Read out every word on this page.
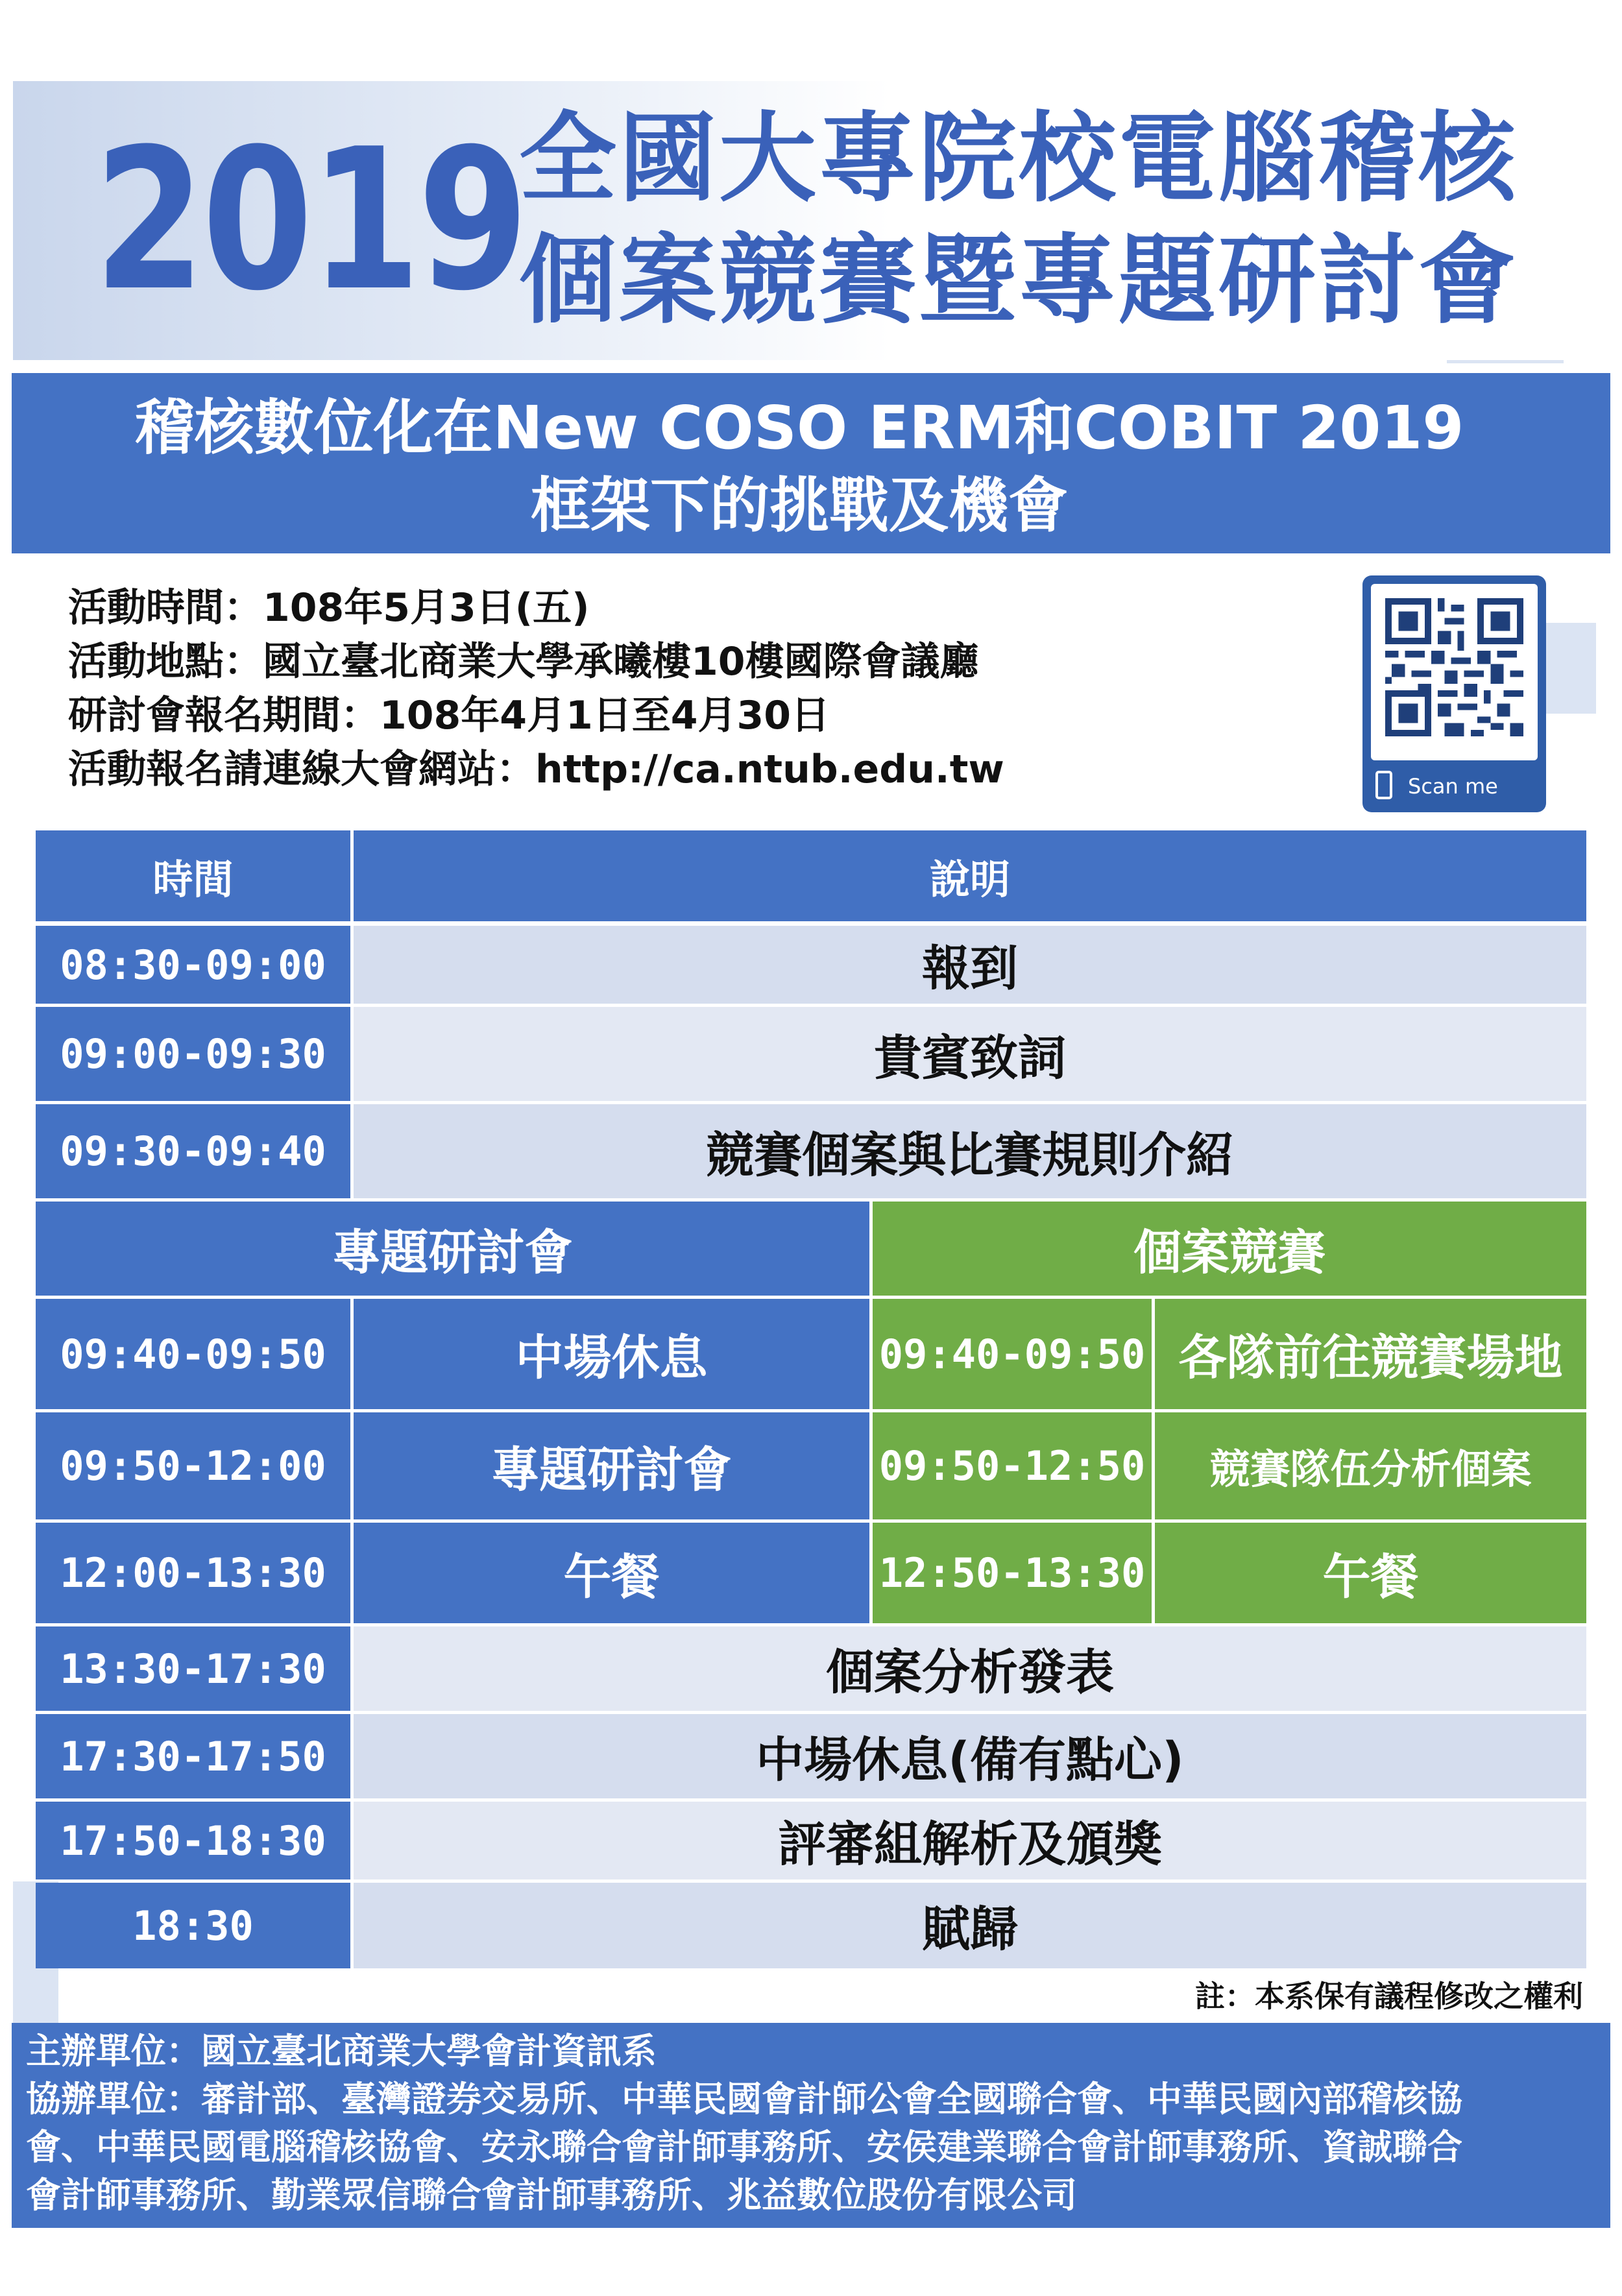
2019
全國大專院校電腦稽核
個案競賽暨專題研討會
稽核數位化在New COSO ERM和COBIT 2019
框架下的挑戰及機會
活動時間：108年5月3日(五)
活動地點：國立臺北商業大學承曦樓10樓國際會議廳
研討會報名期間：108年4月1日至4月30日
活動報名請連線大會網站：http://ca.ntub.edu.tw	Scan me
時間	說明
08:30-09:00	報到
09:00-09:30	貴賓致詞
09:30-09:40	競賽個案與比賽規則介紹
專題研討會	個案競賽
09:40-09:50	中場休息	09:40-09:50 各隊前往競賽場地
09:50-12:00	專題研討會	09:50-12:50	競賽隊伍分析個案
12:00-13:30	午餐	12:50-13:30	午餐
13:30-17:30	個案分析發表
17:30-17:50	中場休息(備有點心)
17:50-18:30	評審組解析及頒獎
18:30	賦歸
註：本系保有議程修改之權利
主辦單位：國立臺北商業大學會計資訊系
協辦單位：審計部、臺灣證券交易所、中華民國會計師公會全國聯合會、中華民國內部稽核協
會、中華民國電腦稽核協會、安永聯合會計師事務所、安侯建業聯合會計師事務所、資誠聯合
會計師事務所、勤業眾信聯合會計師事務所、兆益數位股份有限公司
